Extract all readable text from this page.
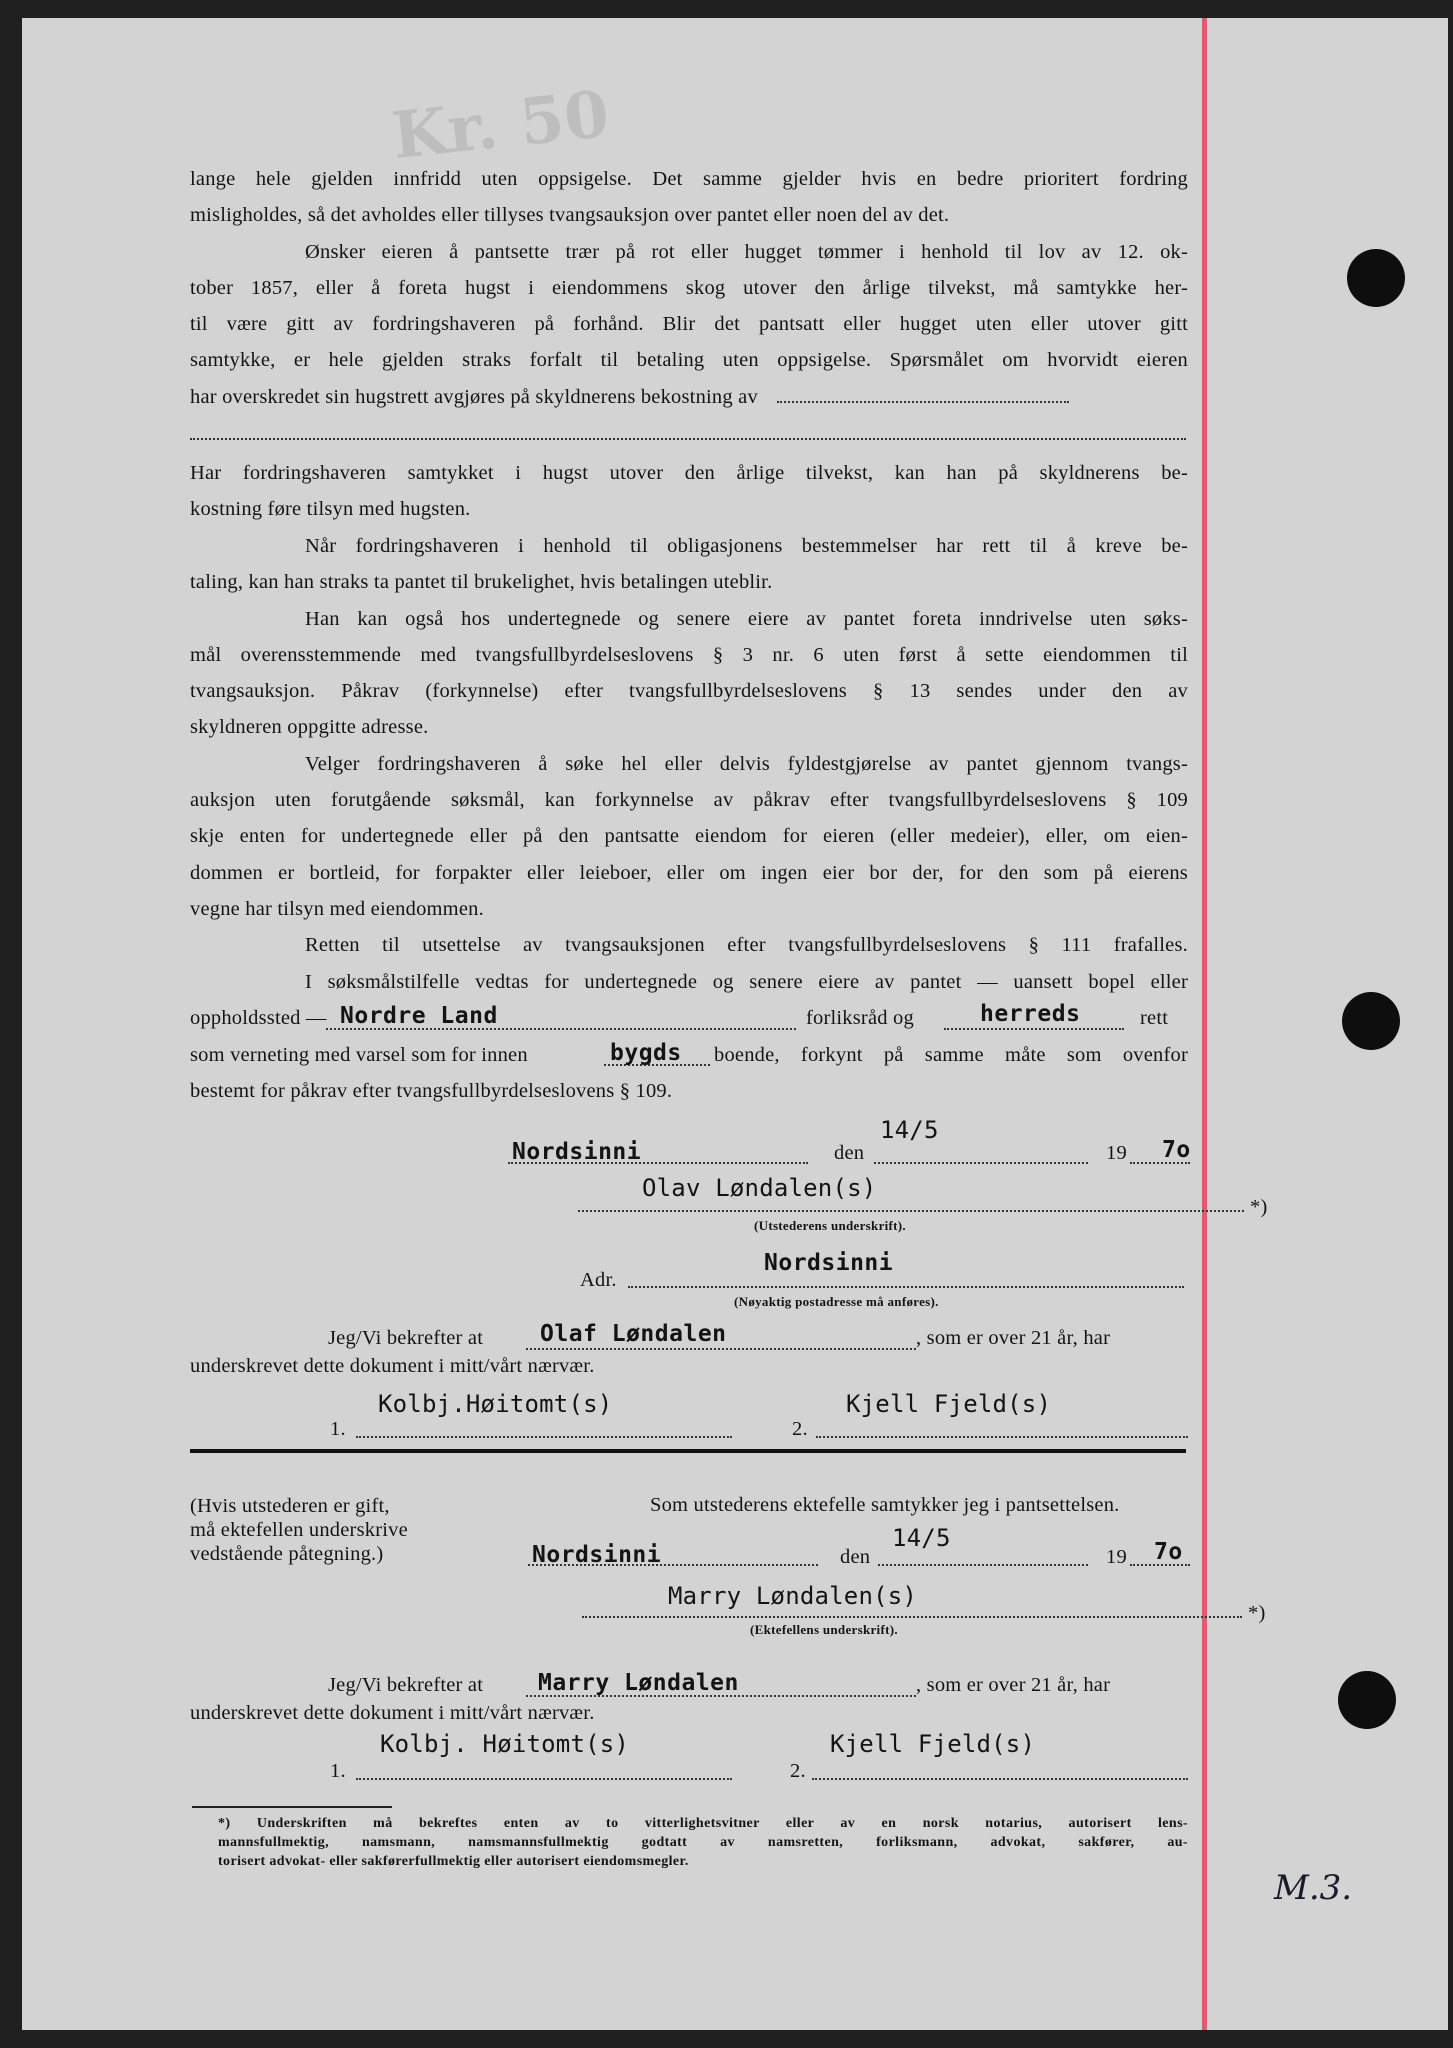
Kr. 50
lange hele gjelden innfridd uten oppsigelse. Det samme gjelder hvis en bedre prioritert fordring
misligholdes, så det avholdes eller tillyses tvangsauksjon over pantet eller noen del av det.
Ønsker eieren å pantsette trær på rot eller hugget tømmer i henhold til lov av 12. ok-
tober 1857, eller å foreta hugst i eiendommens skog utover den årlige tilvekst, må samtykke her-
til være gitt av fordringshaveren på forhånd. Blir det pantsatt eller hugget uten eller utover gitt
samtykke, er hele gjelden straks forfalt til betaling uten oppsigelse. Spørsmålet om hvorvidt eieren
har overskredet sin hugstrett avgjøres på skyldnerens bekostning av
Har fordringshaveren samtykket i hugst utover den årlige tilvekst, kan han på skyldnerens be-
kostning føre tilsyn med hugsten.
Når fordringshaveren i henhold til obligasjonens bestemmelser har rett til å kreve be-
taling, kan han straks ta pantet til brukelighet, hvis betalingen uteblir.
Han kan også hos undertegnede og senere eiere av pantet foreta inndrivelse uten søks-
mål overensstemmende med tvangsfullbyrdelseslovens § 3 nr. 6 uten først å sette eiendommen til
tvangsauksjon. Påkrav (forkynnelse) efter tvangsfullbyrdelseslovens § 13 sendes under den av
skyldneren oppgitte adresse.
Velger fordringshaveren å søke hel eller delvis fyldestgjørelse av pantet gjennom tvangs-
auksjon uten forutgående søksmål, kan forkynnelse av påkrav efter tvangsfullbyrdelseslovens § 109
skje enten for undertegnede eller på den pantsatte eiendom for eieren (eller medeier), eller, om eien-
dommen er bortleid, for forpakter eller leieboer, eller om ingen eier bor der, for den som på eierens
vegne har tilsyn med eiendommen.
Retten til utsettelse av tvangsauksjonen efter tvangsfullbyrdelseslovens § 111 frafalles.
I søksmålstilfelle vedtas for undertegnede og senere eiere av pantet — uansett bopel eller
oppholdssted — Nordre Land	forliksråd og	herreds	rett
som verneting med varsel som for innen	bygds boende, forkynt på samme måte som ovenfor
bestemt for påkrav efter tvangsfullbyrdelseslovens § 109.
Nordsinni	den
14/5
19 7o
Olav Løndalen(s)
*)
(Utstederens underskrift).
Adr.
Nordsinni
(Nøyaktig postadresse må anføres).
Jeg/Vi bekrefter at Olaf Løndalen	, som er over 21 år, har
underskrevet dette dokument i mitt/vårt nærvær.
1.
Kolbj.Høitomt(s)
2.
Kjell Fjeld(s)
(Hvis utstederen er gift,
må ektefellen underskrive
vedstående påtegning.)
Som utstederens ektefelle samtykker jeg i pantsettelsen.
Nordsinni	den
14/5
19 7o
Marry Løndalen(s)
*)
(Ektefellens underskrift).
Jeg/Vi bekrefter at Marry Løndalen	, som er over 21 år, har
underskrevet dette dokument i mitt/vårt nærvær.
1.
Kolbj. Høitomt(s)
2.
Kjell Fjeld(s)
*) Underskriften må bekreftes enten av to vitterlighetsvitner eller av en norsk notarius, autorisert lens-
mannsfullmektig, namsmann, namsmannsfullmektig godtatt av namsretten, forliksmann, advokat, sakfører, au-
torisert advokat- eller sakførerfullmektig eller autorisert eiendomsmegler.
M.3.
